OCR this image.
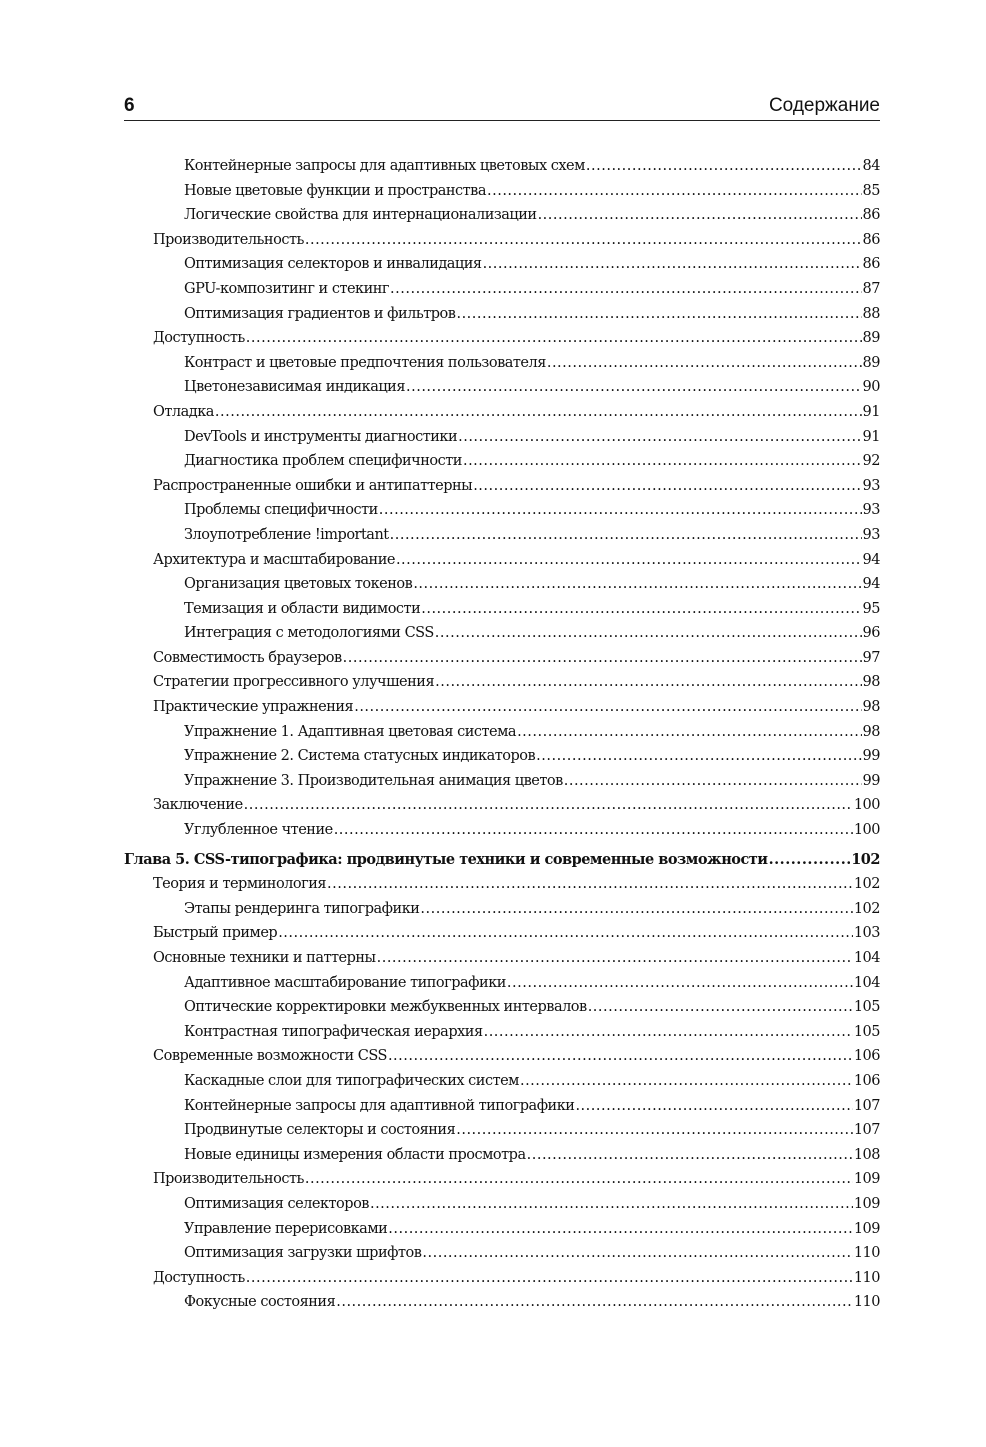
6	Содержание
Контейнерные запросы для адаптивных цветовых схем .....	84
Новые цветовые функции и пространства .....	85
Логические свойства для интернационализации .....	86
Производительность .....	86
Оптимизация селекторов и инвалидация .....	86
GPU-композитинг и стекинг .....	87
Оптимизация градиентов и фильтров .....	88
Доступность .....	89
Контраст и цветовые предпочтения пользователя .....	89
Цветонезависимая индикация .....	90
Отладка .....	91
DevTools и инструменты диагностики .....	91
Диагностика проблем специфичности .....	92
Распространенные ошибки и антипаттерны .....	93
Проблемы специфичности .....	93
Злоупотребление !important .....	93
Архитектура и масштабирование .....	94
Организация цветовых токенов .....	94
Темизация и области видимости .....	95
Интеграция с методологиями CSS .....	96
Совместимость браузеров .....	97
Стратегии прогрессивного улучшения .....	98
Практические упражнения .....	98
Упражнение 1. Адаптивная цветовая система .....	98
Упражнение 2. Система статусных индикаторов .....	99
Упражнение 3. Производительная анимация цветов .....	99
Заключение .....	100
Углубленное чтение .....	100
Глава 5. CSS-типографика: продвинутые техники и современные возможности .....	102
Теория и терминология .....	102
Этапы рендеринга типографики .....	102
Быстрый пример .....	103
Основные техники и паттерны .....	104
Адаптивное масштабирование типографики .....	104
Оптические корректировки межбуквенных интервалов .....	105
Контрастная типографическая иерархия .....	105
Современные возможности CSS .....	106
Каскадные слои для типографических систем .....	106
Контейнерные запросы для адаптивной типографики .....	107
Продвинутые селекторы и состояния .....	107
Новые единицы измерения области просмотра .....	108
Производительность .....	109
Оптимизация селекторов .....	109
Управление перерисовками .....	109
Оптимизация загрузки шрифтов .....	110
Доступность .....	110
Фокусные состояния .....	110
